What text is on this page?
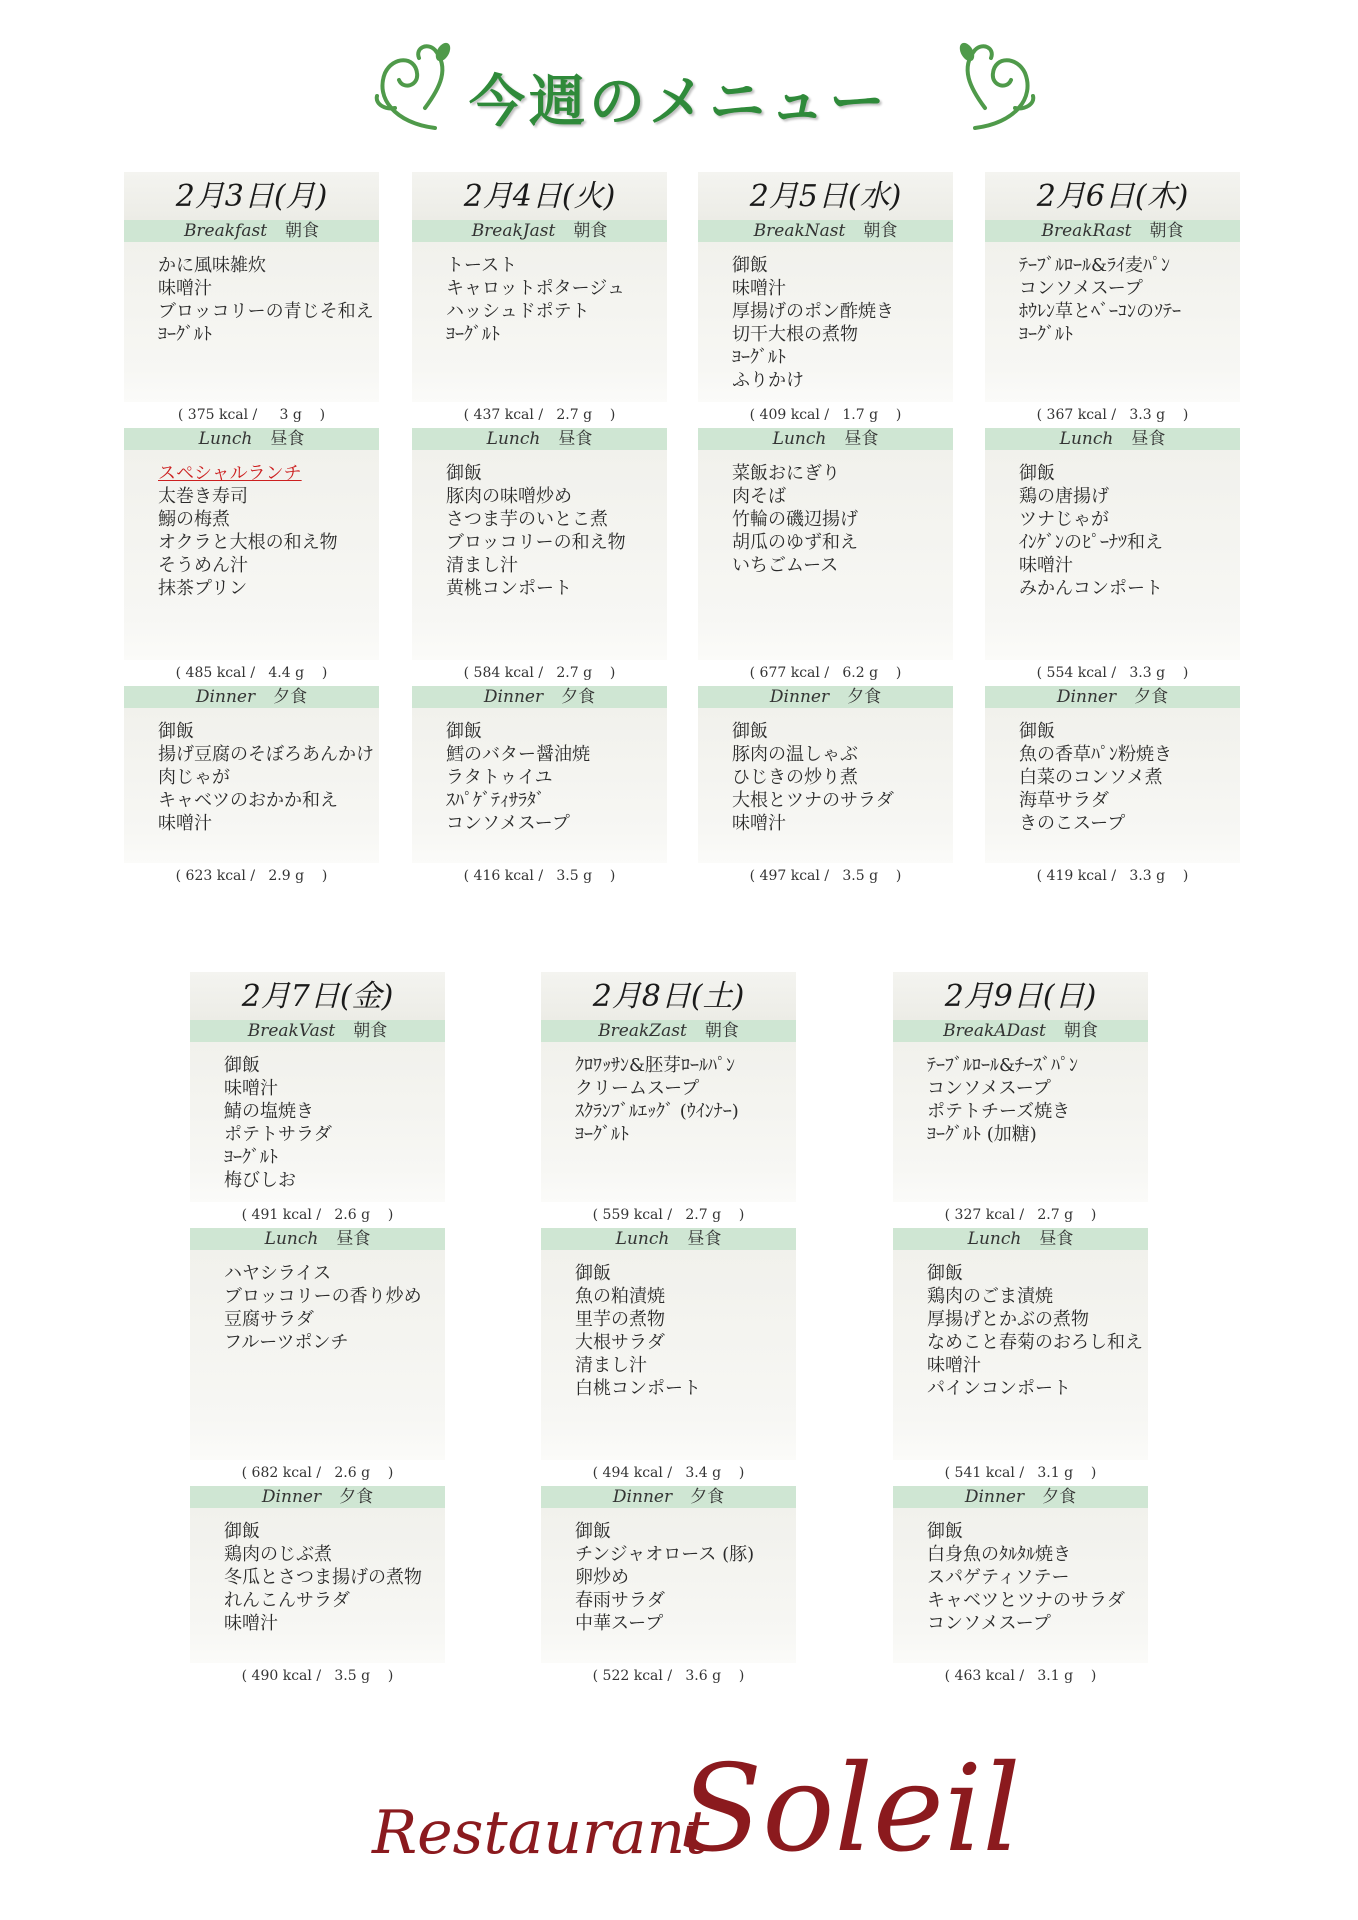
今週のメニュー
2月3日(月)
Breakfast 朝食
かに風味雑炊
味噌汁
ブロッコリーの青じそ和え
ﾖｰｸﾞﾙﾄ
( 375 kcal /     3 g    )
Lunch 昼食
スペシャルランチ
太巻き寿司
鰯の梅煮
オクラと大根の和え物
そうめん汁
抹茶プリン
( 485 kcal /   4.4 g    )
Dinner 夕食
御飯
揚げ豆腐のそぼろあんかけ
肉じゃが
キャベツのおかか和え
味噌汁
( 623 kcal /   2.9 g    )
2月4日(火)
BreakJast 朝食
トースト
キャロットポタージュ
ハッシュドポテト
ﾖｰｸﾞﾙﾄ
( 437 kcal /   2.7 g    )
Lunch 昼食
御飯
豚肉の味噌炒め
さつま芋のいとこ煮
ブロッコリーの和え物
清まし汁
黄桃コンポート
( 584 kcal /   2.7 g    )
Dinner 夕食
御飯
鱈のバター醤油焼
ラタトゥイユ
ｽﾊﾟｹﾞﾃｨｻﾗﾀﾞ
コンソメスープ
( 416 kcal /   3.5 g    )
2月5日(水)
BreakNast 朝食
御飯
味噌汁
厚揚げのポン酢焼き
切干大根の煮物
ﾖｰｸﾞﾙﾄ
ふりかけ
( 409 kcal /   1.7 g    )
Lunch 昼食
菜飯おにぎり
肉そば
竹輪の磯辺揚げ
胡瓜のゆず和え
いちごムース
( 677 kcal /   6.2 g    )
Dinner 夕食
御飯
豚肉の温しゃぶ
ひじきの炒り煮
大根とツナのサラダ
味噌汁
( 497 kcal /   3.5 g    )
2月6日(木)
BreakRast 朝食
ﾃｰﾌﾞﾙﾛｰﾙ&ﾗｲ麦ﾊﾟﾝ
コンソメスープ
ﾎｳﾚﾝ草とﾍﾞｰｺﾝのｿﾃｰ
ﾖｰｸﾞﾙﾄ
( 367 kcal /   3.3 g    )
Lunch 昼食
御飯
鶏の唐揚げ
ツナじゃが
ｲﾝｹﾞﾝのﾋﾟｰﾅﾂ和え
味噌汁
みかんコンポート
( 554 kcal /   3.3 g    )
Dinner 夕食
御飯
魚の香草ﾊﾟﾝ粉焼き
白菜のコンソメ煮
海草サラダ
きのこスープ
( 419 kcal /   3.3 g    )
2月7日(金)
BreakVast 朝食
御飯
味噌汁
鯖の塩焼き
ポテトサラダ
ﾖｰｸﾞﾙﾄ
梅びしお
( 491 kcal /   2.6 g    )
Lunch 昼食
ハヤシライス
ブロッコリーの香り炒め
豆腐サラダ
フルーツポンチ
( 682 kcal /   2.6 g    )
Dinner 夕食
御飯
鶏肉のじぶ煮
冬瓜とさつま揚げの煮物
れんこんサラダ
味噌汁
( 490 kcal /   3.5 g    )
2月8日(土)
BreakZast 朝食
ｸﾛﾜｯｻﾝ&胚芽ﾛｰﾙﾊﾟﾝ
クリームスープ
ｽｸﾗﾝﾌﾞﾙｴｯｸﾞ (ｳｲﾝﾅｰ)
ﾖｰｸﾞﾙﾄ
( 559 kcal /   2.7 g    )
Lunch 昼食
御飯
魚の粕漬焼
里芋の煮物
大根サラダ
清まし汁
白桃コンポート
( 494 kcal /   3.4 g    )
Dinner 夕食
御飯
チンジャオロース (豚)
卵炒め
春雨サラダ
中華スープ
( 522 kcal /   3.6 g    )
2月9日(日)
BreakADast 朝食
ﾃｰﾌﾞﾙﾛｰﾙ&ﾁｰｽﾞﾊﾟﾝ
コンソメスープ
ポテトチーズ焼き
ﾖｰｸﾞﾙﾄ (加糖)
( 327 kcal /   2.7 g    )
Lunch 昼食
御飯
鶏肉のごま漬焼
厚揚げとかぶの煮物
なめこと春菊のおろし和え
味噌汁
パインコンポート
( 541 kcal /   3.1 g    )
Dinner 夕食
御飯
白身魚のﾀﾙﾀﾙ焼き
スパゲティソテー
キャベツとツナのサラダ
コンソメスープ
( 463 kcal /   3.1 g    )
Restaurant
Soleil
